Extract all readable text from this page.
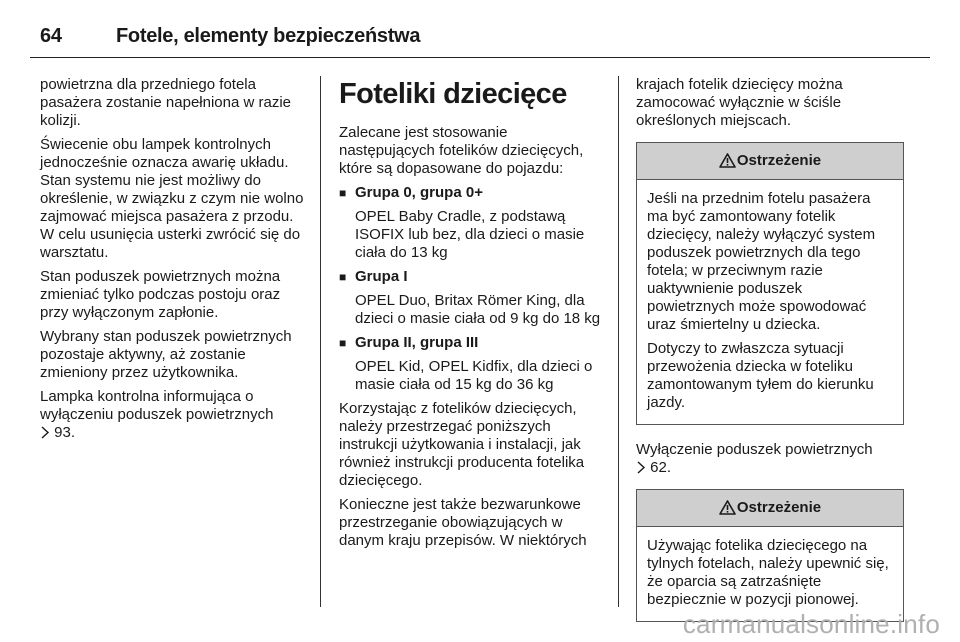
64	Fotele, elementy bezpieczeństwa

powietrzna dla przedniego fotela pasażera zostanie napełniona w razie kolizji.

Świecenie obu lampek kontrolnych jednocześnie oznacza awarię układu. Stan systemu nie jest możliwy do określenie, w związku z czym nie wolno zajmować miejsca pasażera z przodu. W celu usunięcia usterki zwrócić się do warsztatu.

Stan poduszek powietrznych można zmieniać tylko podczas postoju oraz przy wyłączonym zapłonie.

Wybrany stan poduszek powietrznych pozostaje aktywny, aż zostanie zmieniony przez użytkownika.

Lampka kontrolna informująca o wyłączeniu poduszek powietrznych
93.

Foteliki dziecięce

Zalecane jest stosowanie następujących fotelików dziecięcych, które są dopasowane do pojazdu:

■ Grupa 0, grupa 0+
OPEL Baby Cradle, z podstawą ISOFIX lub bez, dla dzieci o masie ciała do 13 kg
■ Grupa I
OPEL Duo, Britax Römer King, dla dzieci o masie ciała od 9 kg do 18 kg
■ Grupa II, grupa III
OPEL Kid, OPEL Kidfix, dla dzieci o masie ciała od 15 kg do 36 kg

Korzystając z fotelików dziecięcych, należy przestrzegać poniższych instrukcji użytkowania i instalacji, jak również instrukcji producenta fotelika dziecięcego.

Konieczne jest także bezwarunkowe przestrzeganie obowiązujących w danym kraju przepisów. W niektórych

krajach fotelik dziecięcy można zamocować wyłącznie w ściśle określonych miejscach.

Ostrzeżenie

Jeśli na przednim fotelu pasażera ma być zamontowany fotelik dziecięcy, należy wyłączyć system poduszek powietrznych dla tego fotela; w przeciwnym razie uaktywnienie poduszek powietrznych może spowodować uraz śmiertelny u dziecka.

Dotyczy to zwłaszcza sytuacji przewożenia dziecka w foteliku zamontowanym tyłem do kierunku jazdy.

Wyłączenie poduszek powietrznych
62.

Ostrzeżenie

Używając fotelika dziecięcego na tylnych fotelach, należy upewnić się, że oparcia są zatrzaśnięte bezpiecznie w pozycji pionowej.

carmanualsonline.info
